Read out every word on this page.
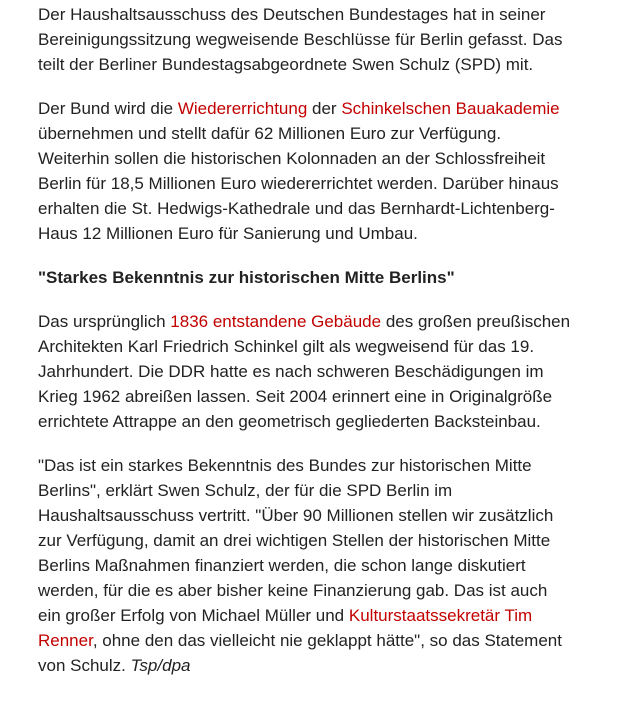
Der Haushaltsausschuss des Deutschen Bundestages hat in seiner
Bereinigungssitzung wegweisende Beschlüsse für Berlin gefasst. Das
teilt der Berliner Bundestagsabgeordnete Swen Schulz (SPD) mit.

Der Bund wird die Wiedererrichtung der Schinkelschen Bauakademie
übernehmen und stellt dafür 62 Millionen Euro zur Verfügung.
Weiterhin sollen die historischen Kolonnaden an der Schlossfreiheit
Berlin für 18,5 Millionen Euro wiedererrichtet werden. Darüber hinaus
erhalten die St. Hedwigs-Kathedrale und das Bernhardt-Lichtenberg-
Haus 12 Millionen Euro für Sanierung und Umbau.

"Starkes Bekenntnis zur historischen Mitte Berlins"

Das ursprünglich 1836 entstandene Gebäude des großen preußischen
Architekten Karl Friedrich Schinkel gilt als wegweisend für das 19.
Jahrhundert. Die DDR hatte es nach schweren Beschädigungen im
Krieg 1962 abreißen lassen. Seit 2004 erinnert eine in Originalgröße
errichtete Attrappe an den geometrisch gegliederten Backsteinbau.

"Das ist ein starkes Bekenntnis des Bundes zur historischen Mitte
Berlins", erklärt Swen Schulz, der für die SPD Berlin im
Haushaltsausschuss vertritt. "Über 90 Millionen stellen wir zusätzlich
zur Verfügung, damit an drei wichtigen Stellen der historischen Mitte
Berlins Maßnahmen finanziert werden, die schon lange diskutiert
werden, für die es aber bisher keine Finanzierung gab. Das ist auch
ein großer Erfolg von Michael Müller und Kulturstaatssekretär Tim
Renner, ohne den das vielleicht nie geklappt hätte", so das Statement
von Schulz. Tsp/dpa
